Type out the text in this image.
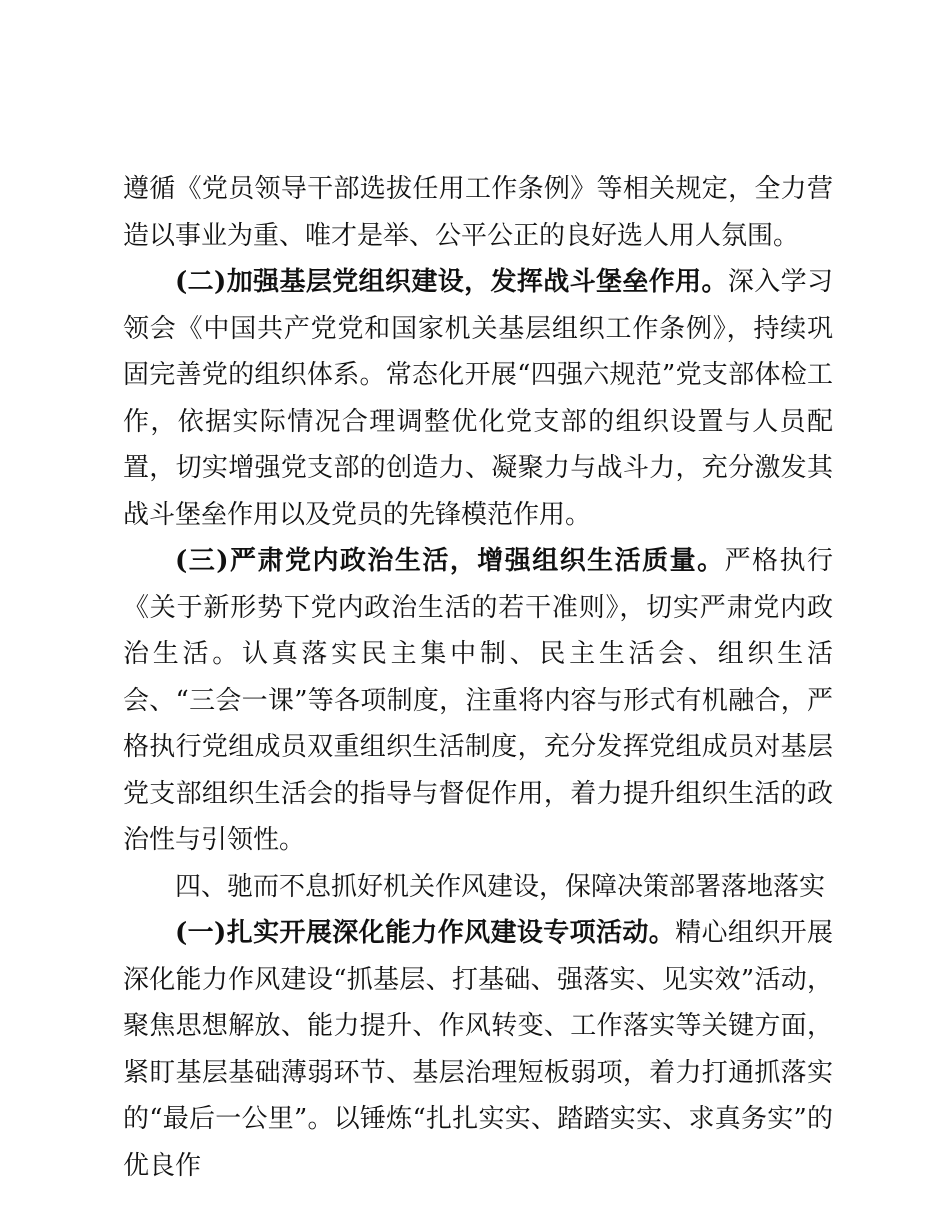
遵循《党员领导干部选拔任用工作条例》等相关规定，全力营造以事业为重、唯才是举、公平公正的良好选人用人氛围。

(二)加强基层党组织建设，发挥战斗堡垒作用。深入学习领会《中国共产党党和国家机关基层组织工作条例》，持续巩固完善党的组织体系。常态化开展“四强六规范”党支部体检工作，依据实际情况合理调整优化党支部的组织设置与人员配置，切实增强党支部的创造力、凝聚力与战斗力，充分激发其战斗堡垒作用以及党员的先锋模范作用。

(三)严肃党内政治生活，增强组织生活质量。严格执行《关于新形势下党内政治生活的若干准则》，切实严肃党内政治生活。认真落实民主集中制、民主生活会、组织生活会、“三会一课”等各项制度，注重将内容与形式有机融合，严格执行党组成员双重组织生活制度，充分发挥党组成员对基层党支部组织生活会的指导与督促作用，着力提升组织生活的政治性与引领性。

四、驰而不息抓好机关作风建设，保障决策部署落地落实

(一)扎实开展深化能力作风建设专项活动。精心组织开展深化能力作风建设“抓基层、打基础、强落实、见实效”活动，聚焦思想解放、能力提升、作风转变、工作落实等关键方面，紧盯基层基础薄弱环节、基层治理短板弱项，着力打通抓落实的“最后一公里”。以锤炼“扎扎实实、踏踏实实、求真务实”的优良作
